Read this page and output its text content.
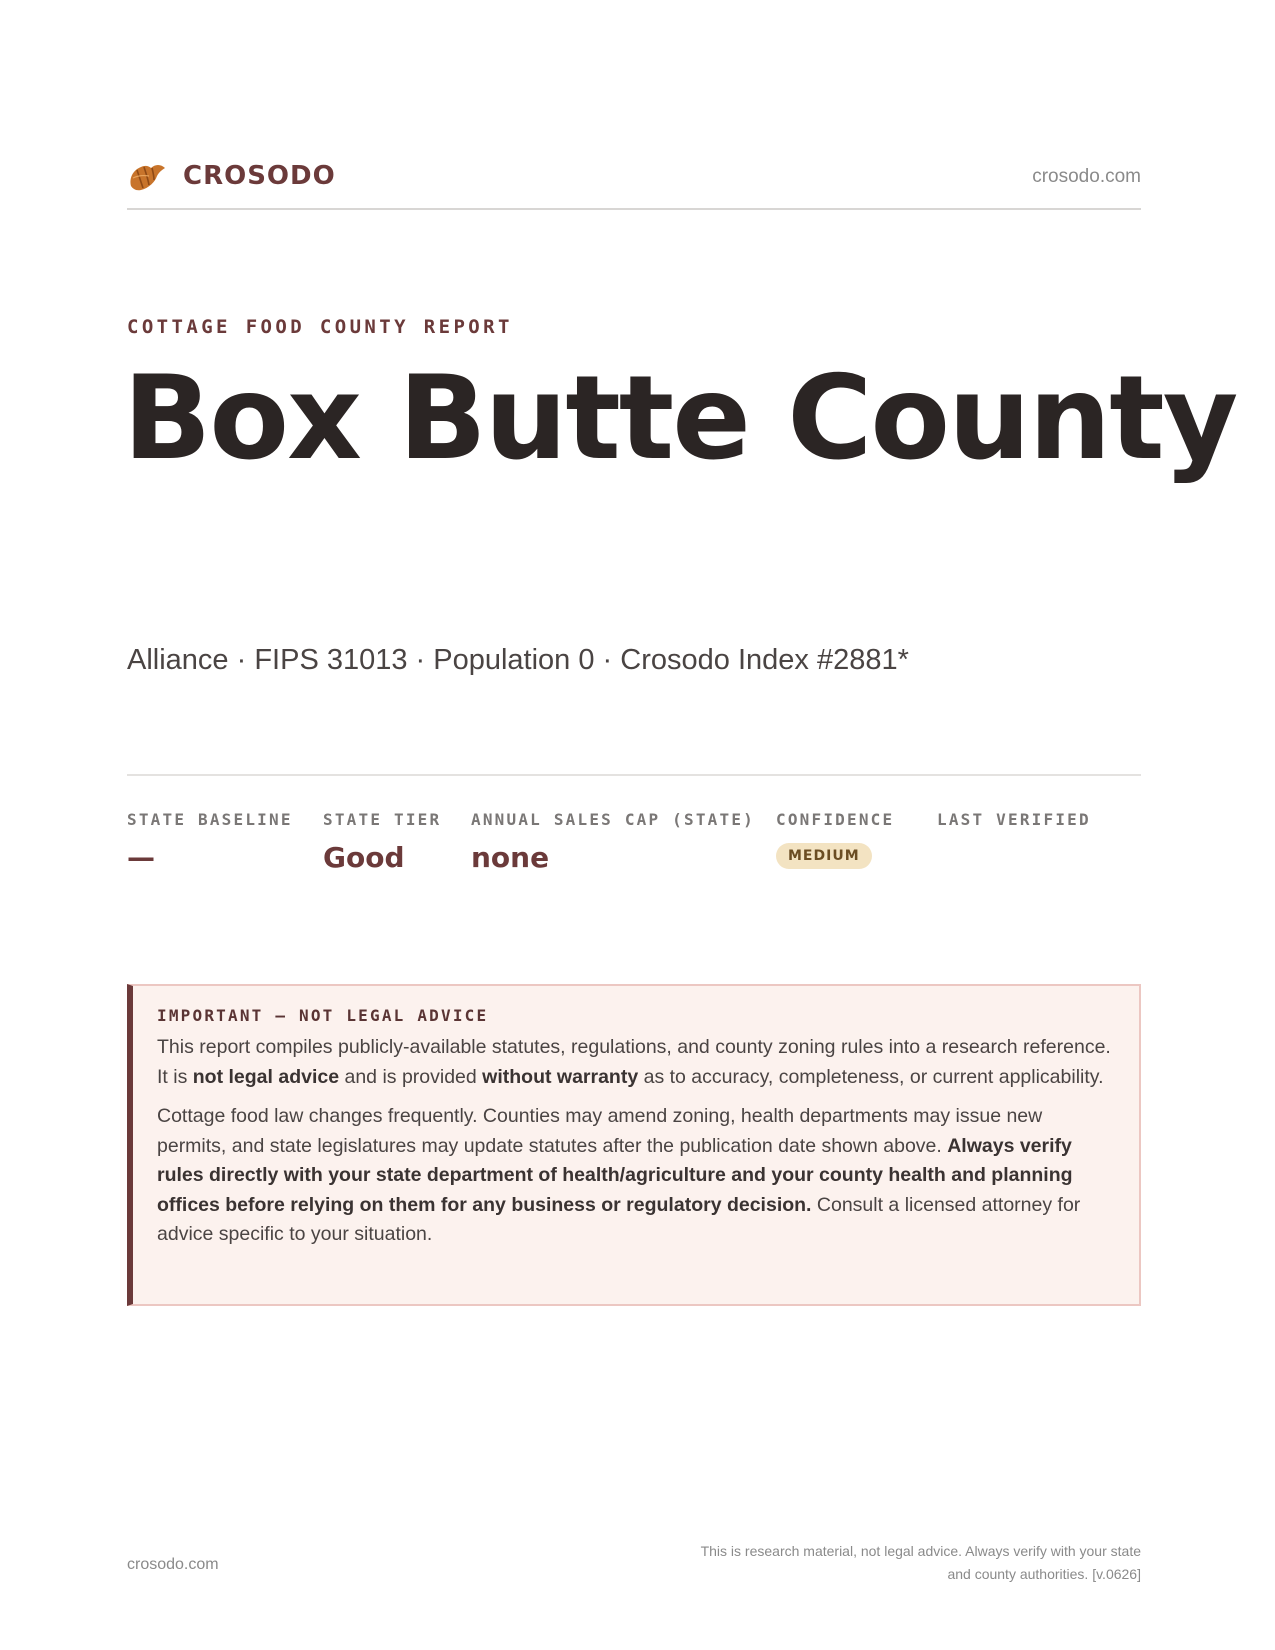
CROSODO	crosodo.com
COTTAGE FOOD COUNTY REPORT
Box Butte County
Alliance · FIPS 31013 · Population 0 · Crosodo Index #2881*
STATE BASELINE
—
STATE TIER
Good
ANNUAL SALES CAP (STATE)
none
CONFIDENCE
MEDIUM
LAST VERIFIED
IMPORTANT — NOT LEGAL ADVICE

This report compiles publicly-available statutes, regulations, and county zoning rules into a research reference. It is not legal advice and is provided without warranty as to accuracy, completeness, or current applicability.

Cottage food law changes frequently. Counties may amend zoning, health departments may issue new permits, and state legislatures may update statutes after the publication date shown above. Always verify rules directly with your state department of health/agriculture and your county health and planning offices before relying on them for any business or regulatory decision. Consult a licensed attorney for advice specific to your situation.

crosodo.com
This is research material, not legal advice. Always verify with your state
and county authorities. [v.0626]
